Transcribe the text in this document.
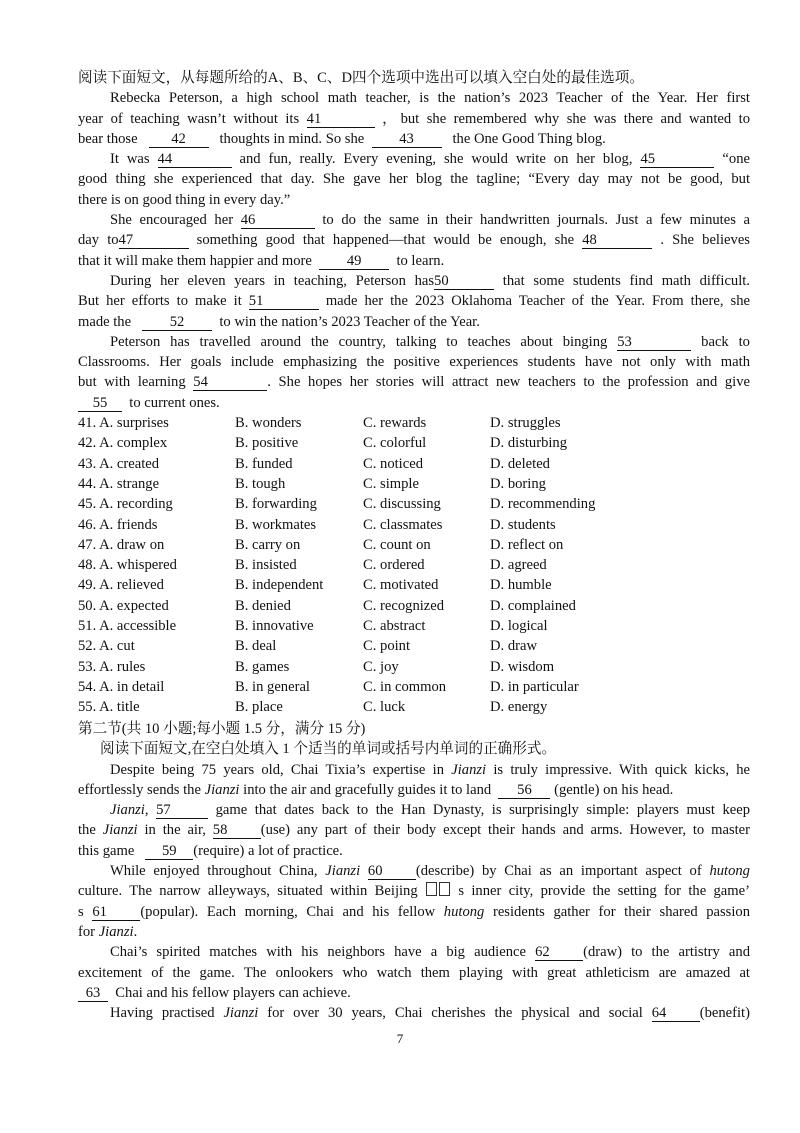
阅读下面短文，从每题所给的A、B、C、D四个选项中选出可以填入空白处的最佳选项。
Rebecka Peterson, a high school math teacher, is the nation’s 2023 Teacher of the Year. Her first
year of teaching wasn’t without its 41	，but she remembered why she was there and wanted to
bear those 42 thoughts in mind. So she 43	the One Good Thing blog.
It was 44	and fun, really. Every evening, she would write on her blog, 45	“one
good thing she experienced that day. She gave her blog the tagline; “Every day may not be good, but
there is on good thing in every day.”
She encouraged her 46	to do the same in their handwritten journals. Just a few minutes a
day to47	something good that happened—that would be enough, she 48	. She believes
that it will make them happier and more 49 to learn.
During her eleven years in teaching, Peterson has50	that some students find math difficult.
But her efforts to make it 51	made her the 2023 Oklahoma Teacher of the Year. From there, she
made the	52 to win the nation’s 2023 Teacher of the Year.
Peterson has travelled around the country, talking to teaches about binging 53	back to
Classrooms. Her goals include emphasizing the positive experiences students have not only with math
but with learning 54	. She hopes her stories will attract new teachers to the profession and give
55 to current ones.
41. A. surprises	B. wonders	C. rewards	D. struggles
42. A. complex	B. positive	C. colorful	D. disturbing
43. A. created	B. funded	C. noticed	D. deleted
44. A. strange	B. tough	C. simple	D. boring
45. A. recording	B. forwarding	C. discussing	D. recommending
46. A. friends	B. workmates	C. classmates	D. students
47. A. draw on	B. carry on	C. count on	D. reflect on
48. A. whispered	B. insisted	C. ordered	D. agreed
49. A. relieved	B. independent	C. motivated	D. humble
50. A. expected	B. denied	C. recognized	D. complained
51. A. accessible	B. innovative	C. abstract	D. logical
52. A. cut	B. deal	C. point	D. draw
53. A. rules	B. games	C. joy	D. wisdom
54. A. in detail	B. in general	C. in common	D. in particular
55. A. title	B. place	C. luck	D. energy
第二节(共 10 小题;每小题 1.5 分，满分 15 分)
阅读下面短文,在空白处填入 1 个适当的单词或括号内单词的正确形式。
Despite being 75 years old, Chai Tixia’s expertise in Jianzi is truly impressive. With quick kicks, he
effortlessly sends the Jianzi into the air and gracefully guides it to land 56 (gentle) on his head.
Jianzi, 57	game that dates back to the Han Dynasty, is surprisingly simple: players must keep
the Jianzi in the air, 58 (use) any part of their body except their hands and arms. However, to master
this game 59 (require) a lot of practice.
While enjoyed throughout China, Jianzi 60 (describe) by Chai as an important aspect of hutong
culture. The narrow alleyways, situated within Beijing	s inner city, provide the setting for the game’
s 61 (popular). Each morning, Chai and his fellow hutong residents gather for their shared passion
for Jianzi.
Chai’s spirited matches with his neighbors have a big audience 62 (draw) to the artistry and
excitement of the game. The onlookers who watch them playing with great athleticism are amazed at
63 Chai and his fellow players can achieve.
Having practised Jianzi for over 30 years, Chai cherishes the physical and social 64 (benefit)
7
